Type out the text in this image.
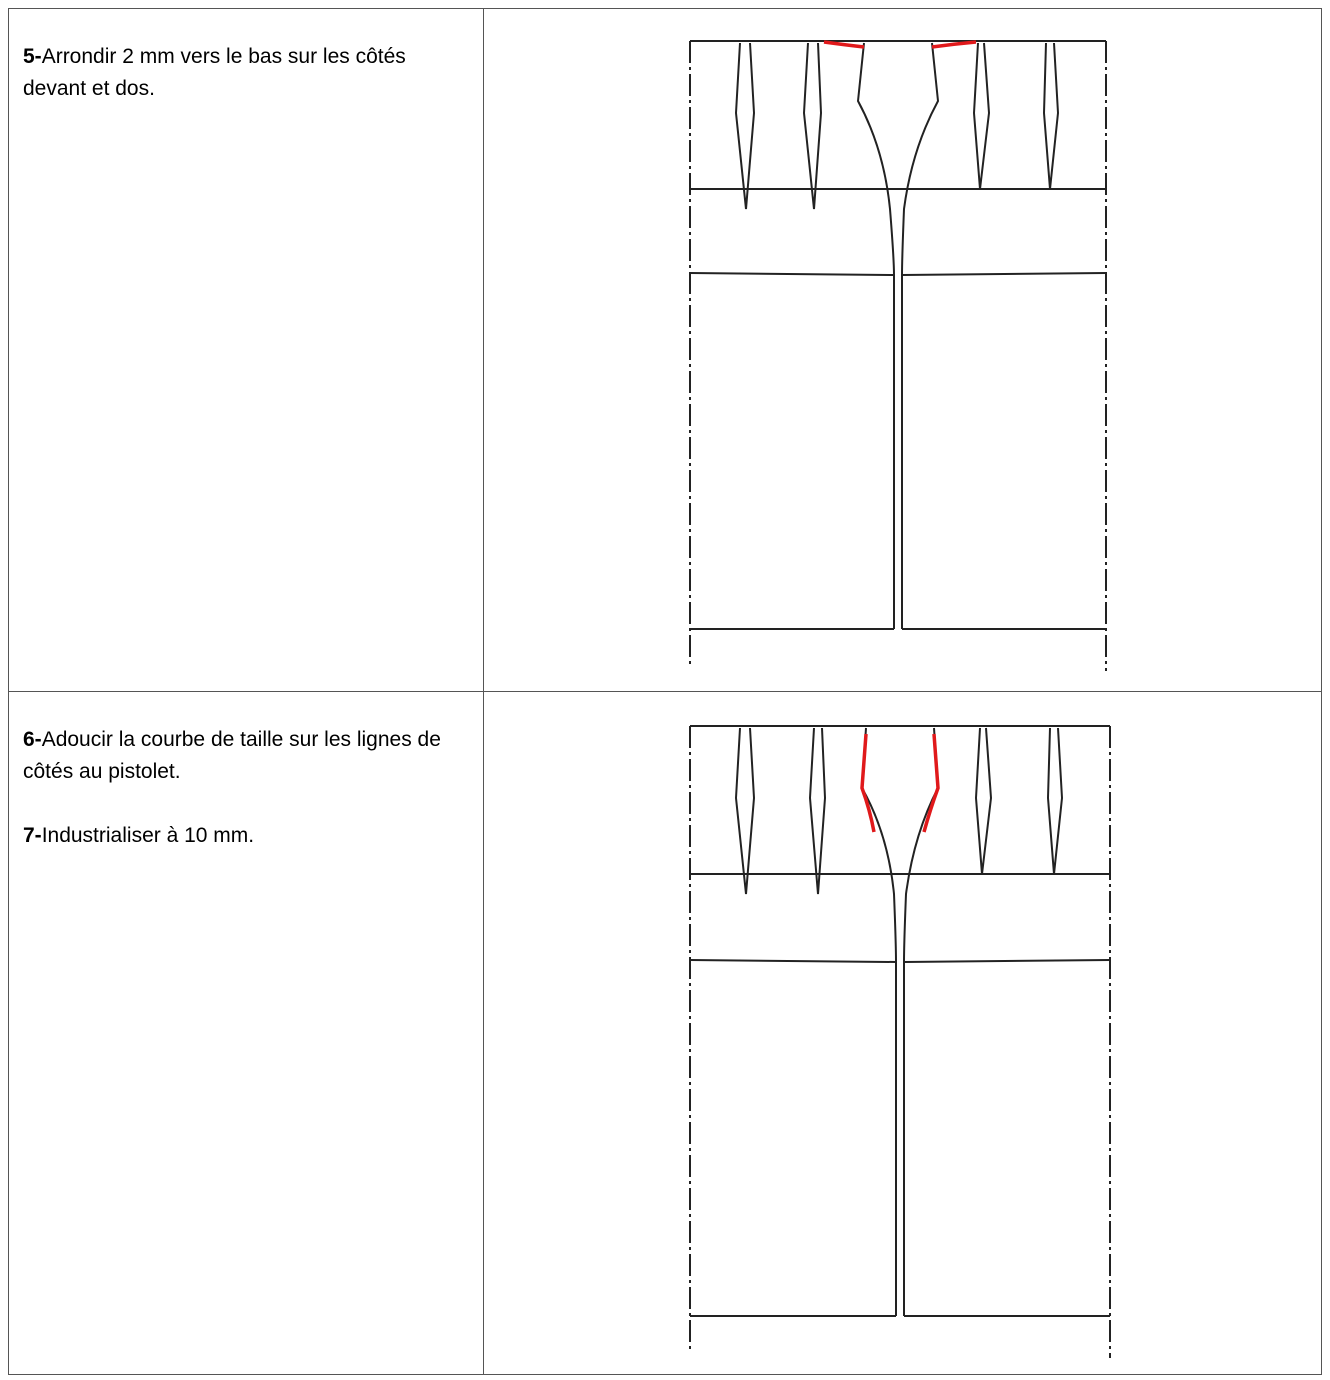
5-Arrondir 2 mm vers le bas sur les côtés devant et dos.

6-Adoucir la courbe de taille sur les lignes de côtés au pistolet.

7-Industrialiser à 10 mm.
